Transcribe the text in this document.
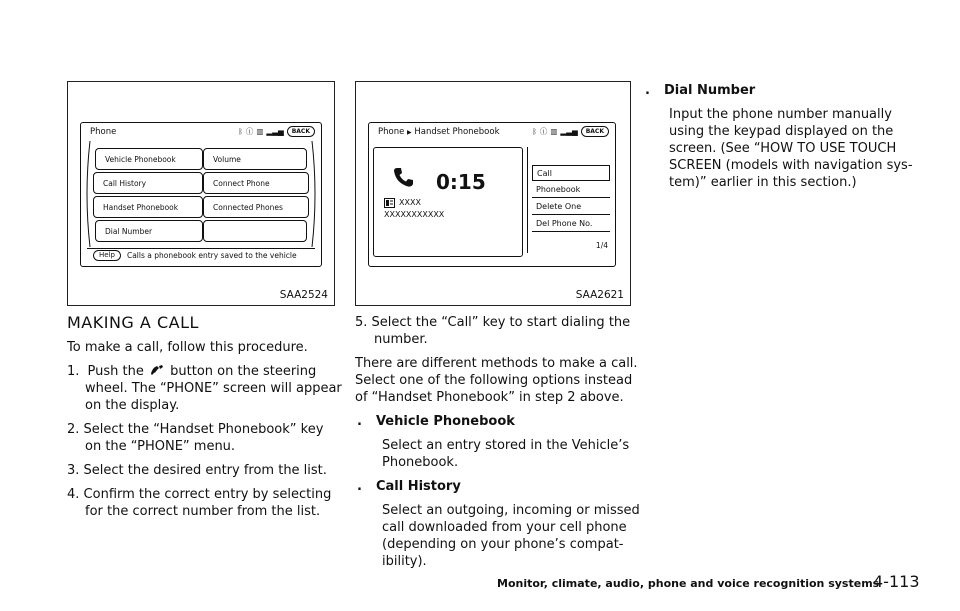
Phone	ᛒ ⓘ ▥ ▂▃▅	BACK
Vehicle Phonebook
Call History
Handset Phonebook
Dial Number
Volume
Connect Phone
Connected Phones
Help	Calls a phonebook entry saved to the vehicle
SAA2524
Phone ▶ Handset Phonebook	ᛒ ⓘ ▥ ▂▃▅	BACK
0:15
XXXX
XXXXXXXXXXX
Call
Phonebook
Delete One
Del Phone No.
1/4
SAA2621
MAKING A CALL
To make a call, follow this procedure.
1. Push the button on the steering
wheel. The “PHONE” screen will appear
on the display.
2. Select the “Handset Phonebook” key
on the “PHONE” menu.
3. Select the desired entry from the list.
4. Confirm the correct entry by selecting
for the correct number from the list.
5. Select the “Call” key to start dialing the
number.
There are different methods to make a call.
Select one of the following options instead
of “Handset Phonebook” in step 2 above.
. Vehicle Phonebook
Select an entry stored in the Vehicle’s
Phonebook.
. Call History
Select an outgoing, incoming or missed
call downloaded from your cell phone
(depending on your phone’s compat-
ibility).
. Dial Number
Input the phone number manually
using the keypad displayed on the
screen. (See “HOW TO USE TOUCH
SCREEN (models with navigation sys-
tem)” earlier in this section.)
Monitor, climate, audio, phone and voice recognition systems
4-113
